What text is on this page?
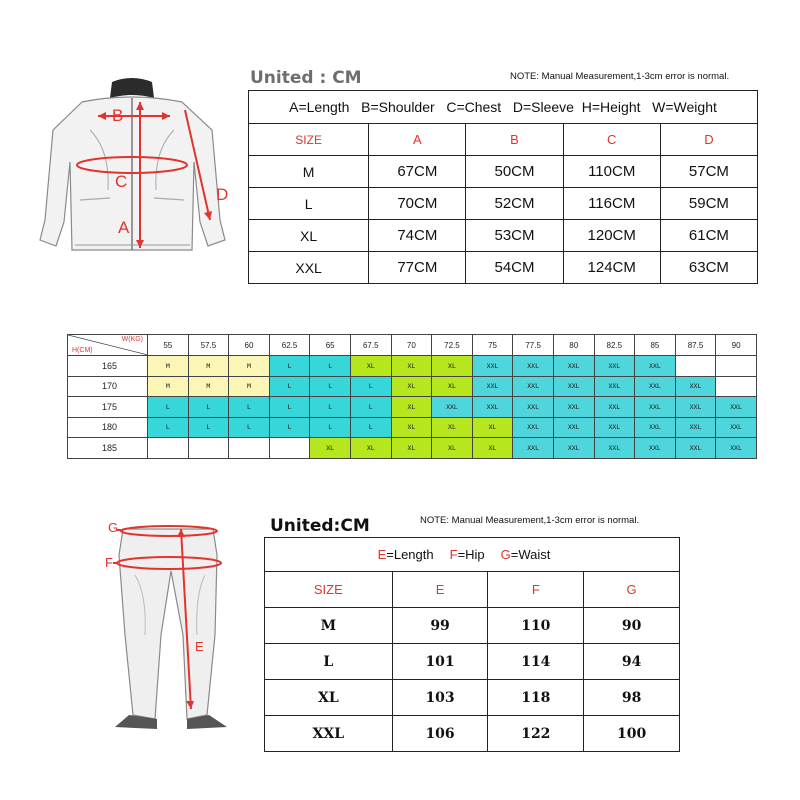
B
C
A
D
United : CM	NOTE: Manual Measurement,1-3cm error is normal.
A=Length   B=Shoulder   C=Chest   D=Sleeve  H=Height   W=Weight				
SIZE	A	B	C	D
M	67CM	50CM	110CM	57CM
L	70CM	52CM	116CM	59CM
XL	74CM	53CM	120CM	61CM
XXL	77CM	54CM	124CM	63CM
W(KG)
H(CM)	55	57.5	60	62.5	65	67.5	70	72.5	75	77.5	80	82.5	85	87.5	90
165	M	M	M	L	L	XL	XL	XL	XXL	XXL	XXL	XXL	XXL		
170	M	M	M	L	L	L	XL	XL	XXL	XXL	XXL	XXL	XXL	XXL	
175	L	L	L	L	L	L	XL	XXL	XXL	XXL	XXL	XXL	XXL	XXL	XXL
180	L	L	L	L	L	L	XL	XL	XL	XXL	XXL	XXL	XXL	XXL	XXL
185					XL	XL	XL	XL	XL	XXL	XXL	XXL	XXL	XXL	XXL
G
F
E
United:CM	NOTE: Manual Measurement,1-3cm error is normal.
E=Length F=Hip G=Waist			
SIZE	E	F	G
M	99	110	90
L	101	114	94
XL	103	118	98
XXL	106	122	100
